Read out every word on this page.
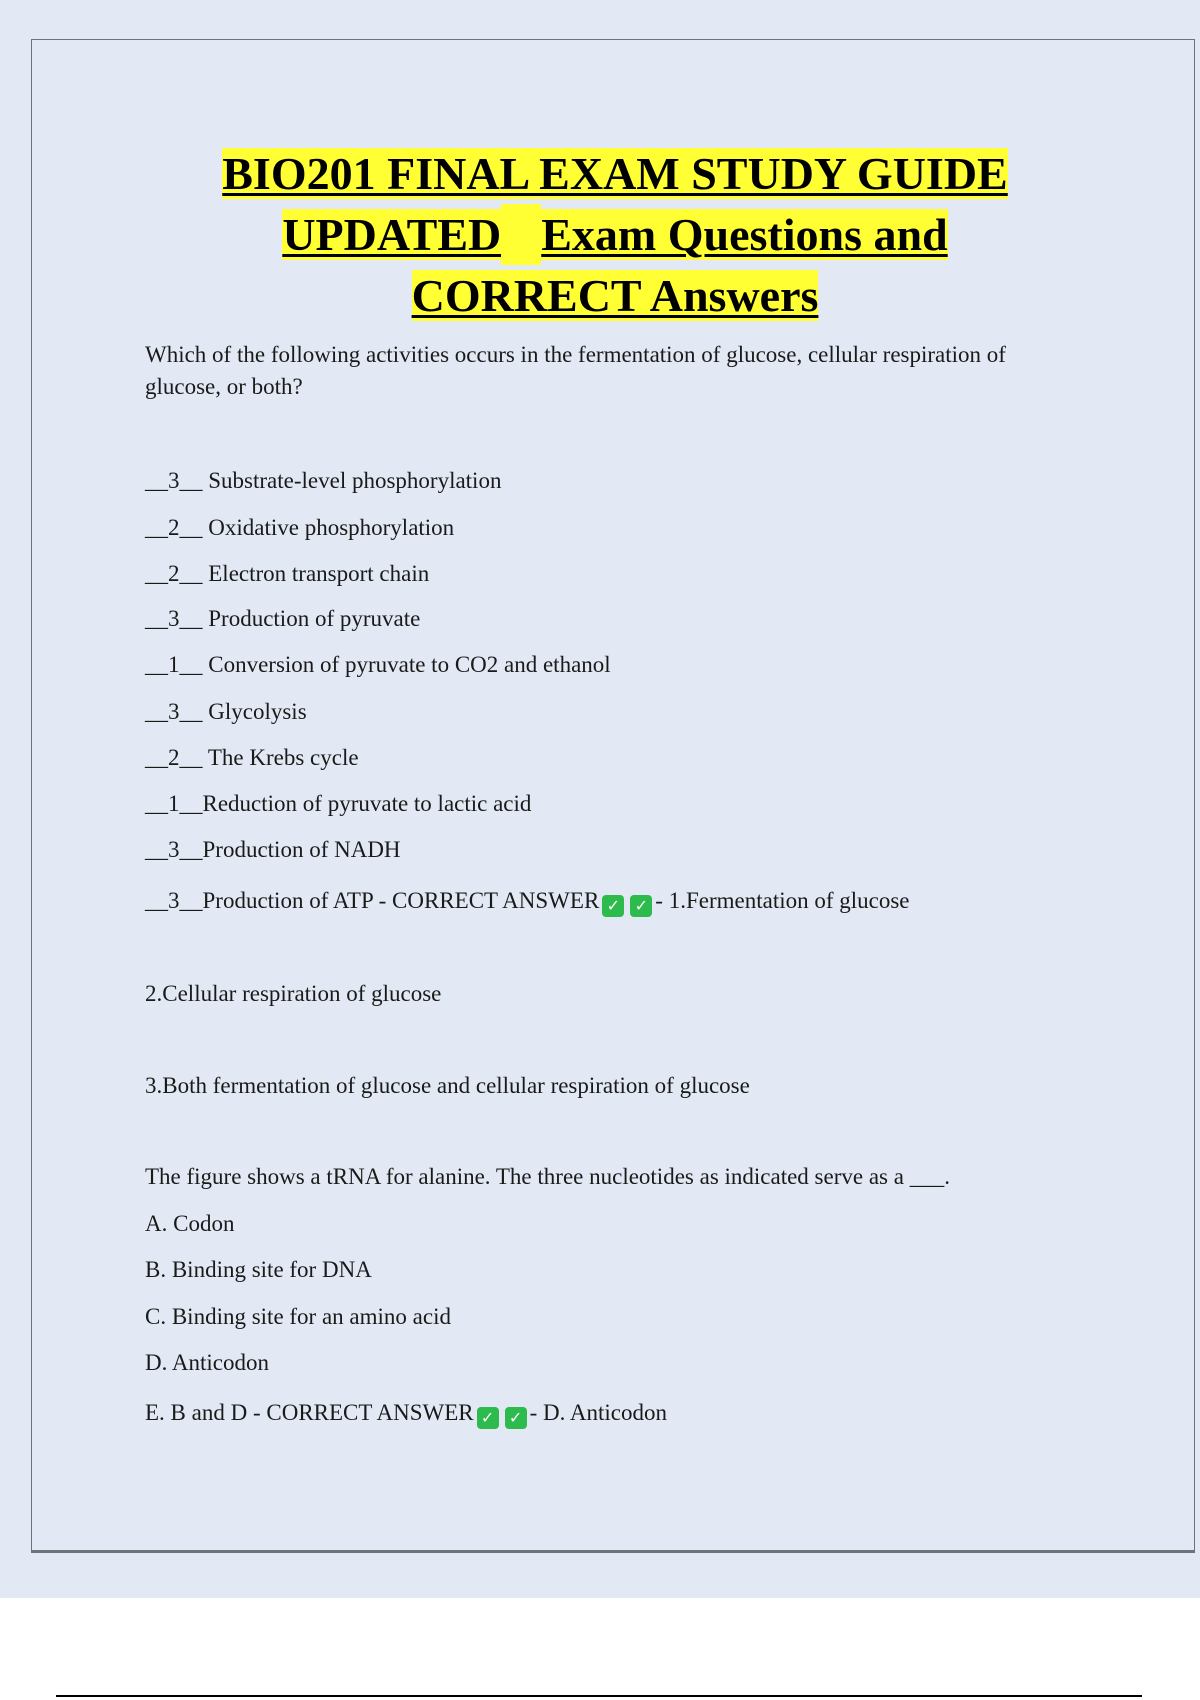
BIO201 FINAL EXAM STUDY GUIDE
UPDATED Exam Questions and
CORRECT Answers
Which of the following activities occurs in the fermentation of glucose, cellular respiration of glucose, or both?
__3__ Substrate-level phosphorylation
__2__ Oxidative phosphorylation
__2__ Electron transport chain
__3__ Production of pyruvate
__1__ Conversion of pyruvate to CO2 and ethanol
__3__ Glycolysis
__2__ The Krebs cycle
__1__Reduction of pyruvate to lactic acid
__3__Production of NADH
__3__Production of ATP - CORRECT ANSWER ✓ ✓ - 1.Fermentation of glucose
2.Cellular respiration of glucose
3.Both fermentation of glucose and cellular respiration of glucose
The figure shows a tRNA for alanine. The three nucleotides as indicated serve as a ___.
A. Codon
B. Binding site for DNA
C. Binding site for an amino acid
D. Anticodon
E. B and D - CORRECT ANSWER ✓ ✓ - D. Anticodon
